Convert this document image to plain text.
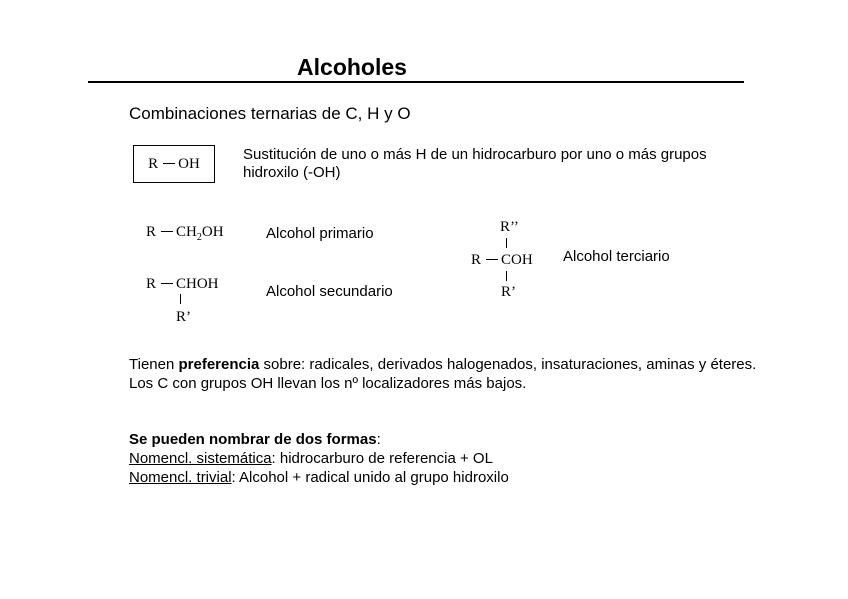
Alcoholes
Combinaciones ternarias de C, H y O
R OH
Sustitución de uno o más H de un hidrocarburo por uno o más grupos hidroxilo (-OH)
R $CH_2OH$	Alcohol primario
R CHOH
R’
Alcohol secundario
R’’
R COH
R’
Alcohol terciario
Tienen preferencia sobre: radicales, derivados halogenados, insaturaciones, aminas y éteres. Los C con grupos OH llevan los nº localizadores más bajos.
Se pueden nombrar de dos formas:
Nomencl. sistemática: hidrocarburo de referencia + OL
Nomencl. trivial: Alcohol + radical unido al grupo hidroxilo
